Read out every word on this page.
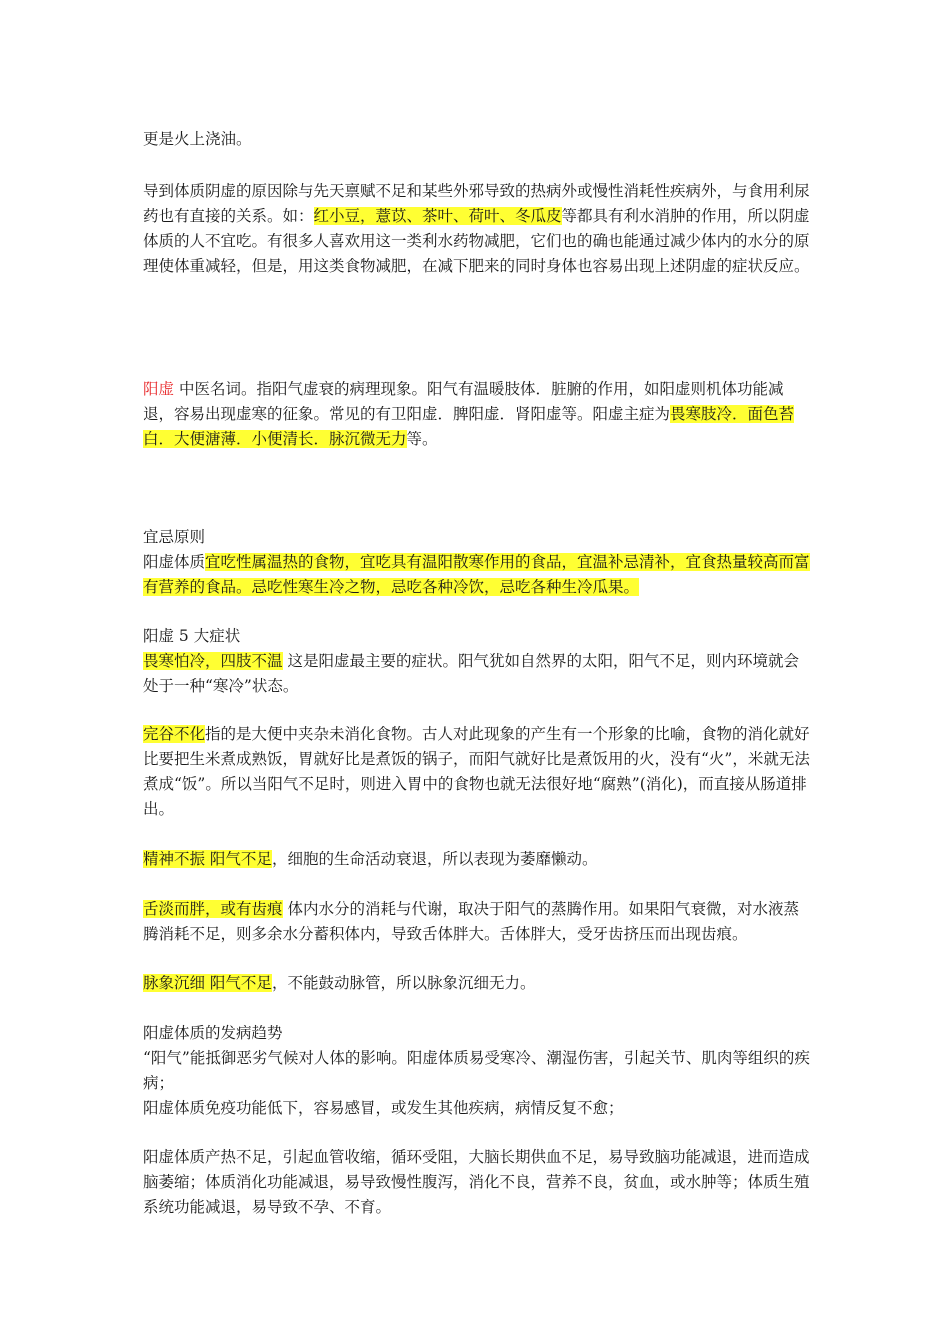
更是火上浇油。

导到体质阴虚的原因除与先天禀赋不足和某些外邪导致的热病外或慢性消耗性疾病外，与食用利尿药也有直接的关系。如：红小豆，薏苡、茶叶、荷叶、冬瓜皮等都具有利水消肿的作用，所以阴虚体质的人不宜吃。有很多人喜欢用这一类利水药物减肥，它们也的确也能通过减少体内的水分的原理使体重减轻，但是，用这类食物减肥，在减下肥来的同时身体也容易出现上述阴虚的症状反应。

阳虚 中医名词。指阳气虚衰的病理现象。阳气有温暖肢体．脏腑的作用，如阳虚则机体功能减退，容易出现虚寒的征象。常见的有卫阳虚．脾阳虚．肾阳虚等。阳虚主症为畏寒肢冷．面色苔白．大便溏薄．小便清长．脉沉微无力等。

宜忌原则

阳虚体质宜吃性属温热的食物，宜吃具有温阳散寒作用的食品，宜温补忌清补，宜食热量较高而富有营养的食品。忌吃性寒生冷之物，忌吃各种冷饮，忌吃各种生冷瓜果。

阳虚 5 大症状

畏寒怕冷，四肢不温 这是阳虚最主要的症状。阳气犹如自然界的太阳，阳气不足，则内环境就会处于一种“寒冷”状态。

完谷不化指的是大便中夹杂未消化食物。古人对此现象的产生有一个形象的比喻，食物的消化就好比要把生米煮成熟饭，胃就好比是煮饭的锅子，而阳气就好比是煮饭用的火，没有“火”，米就无法煮成“饭”。所以当阳气不足时，则进入胃中的食物也就无法很好地“腐熟”(消化)，而直接从肠道排出。

精神不振 阳气不足，细胞的生命活动衰退，所以表现为萎靡懒动。

舌淡而胖，或有齿痕 体内水分的消耗与代谢，取决于阳气的蒸腾作用。如果阳气衰微，对水液蒸腾消耗不足，则多余水分蓄积体内，导致舌体胖大。舌体胖大，受牙齿挤压而出现齿痕。

脉象沉细 阳气不足，不能鼓动脉管，所以脉象沉细无力。

阳虚体质的发病趋势

“阳气”能抵御恶劣气候对人体的影响。阳虚体质易受寒冷、潮湿伤害，引起关节、肌肉等组织的疾病；

阳虚体质免疫功能低下，容易感冒，或发生其他疾病，病情反复不愈；

阳虚体质产热不足，引起血管收缩，循环受阻，大脑长期供血不足，易导致脑功能减退，进而造成脑萎缩；体质消化功能减退，易导致慢性腹泻，消化不良，营养不良，贫血，或水肿等；体质生殖系统功能减退，易导致不孕、不育。
